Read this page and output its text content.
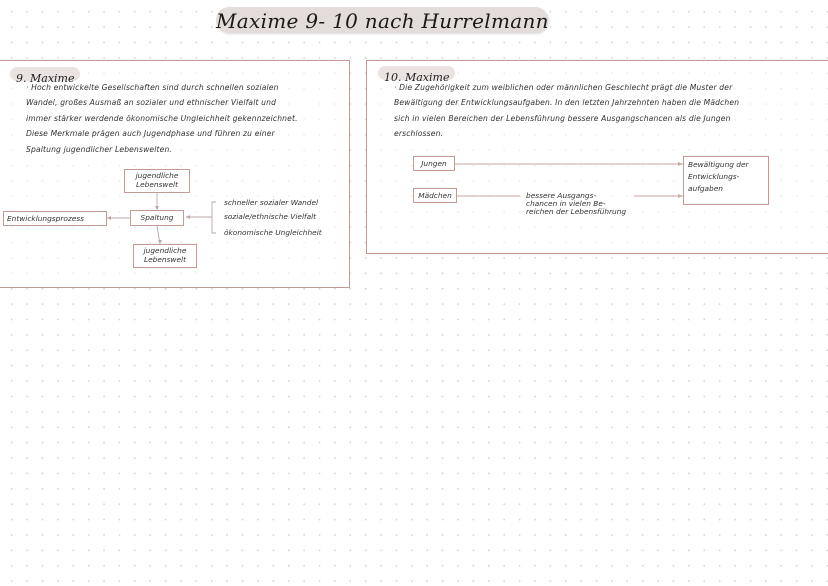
Maxime 9- 10 nach Hurrelmann
9. Maxime
· Hoch entwickelte Gesellschaften sind durch schnellen sozialen
Wandel, großes Ausmaß an sozialer und ethnischer Vielfalt und
immer stärker werdende ökonomische Ungleichheit gekennzeichnet.
Diese Merkmale prägen auch Jugendphase und führen zu einer
Spaltung jugendlicher Lebenswelten.
jugendliche
Lebenswelt
Spaltung
jugendliche
Lebenswelt
Entwicklungsprozess
schneller sozialer Wandel
soziale/ethnische Vielfalt
ökonomische Ungleichheit
10. Maxime
· Die Zugehörigkeit zum weiblichen oder männlichen Geschlecht prägt die Muster der
Bewältigung der Entwicklungsaufgaben. In den letzten Jahrzehnten haben die Mädchen
sich in vielen Bereichen der Lebensführung bessere Ausgangschancen als die Jungen
erschlossen.
Jungen
Mädchen
Bewältigung der
Entwicklungs-
aufgaben
bessere Ausgangs-
chancen in vielen Be-
reichen der Lebensführung
